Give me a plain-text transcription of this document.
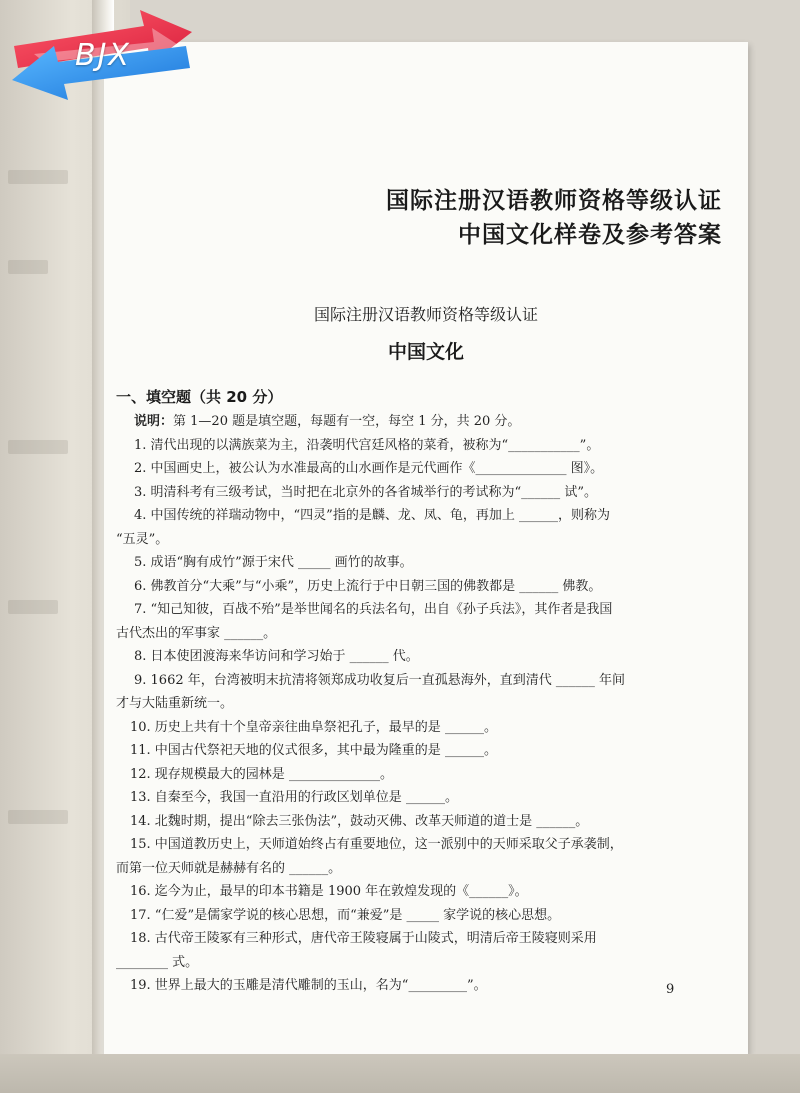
BJX
国际注册汉语教师资格等级认证
中国文化样卷及参考答案
国际注册汉语教师资格等级认证
中国文化
一、填空题（共 20 分）
说明：第 1—20 题是填空题，每题有一空，每空 1 分，共 20 分。
1. 清代出现的以满族菜为主，沿袭明代宫廷风格的菜肴，被称为“___________”。
2. 中国画史上，被公认为水准最高的山水画作是元代画作《______________ 图》。
3. 明清科考有三级考试，当时把在北京外的各省城举行的考试称为“______ 试”。
4. 中国传统的祥瑞动物中，“四灵”指的是麟、龙、凤、龟，再加上 ______，则称为
“五灵”。
5. 成语“胸有成竹”源于宋代 _____ 画竹的故事。
6. 佛教首分“大乘”与“小乘”，历史上流行于中日朝三国的佛教都是 ______ 佛教。
7. “知己知彼，百战不殆”是举世闻名的兵法名句，出自《孙子兵法》，其作者是我国
古代杰出的军事家 ______。
8. 日本使团渡海来华访问和学习始于 ______ 代。
9. 1662 年，台湾被明末抗清将领郑成功收复后一直孤悬海外，直到清代 ______ 年间
才与大陆重新统一。
10. 历史上共有十个皇帝亲往曲阜祭祀孔子，最早的是 ______。
11. 中国古代祭祀天地的仪式很多，其中最为隆重的是 ______。
12. 现存规模最大的园林是 ______________。
13. 自秦至今，我国一直沿用的行政区划单位是 ______。
14. 北魏时期，提出“除去三张伪法”，鼓动灭佛、改革天师道的道士是 ______。
15. 中国道教历史上，天师道始终占有重要地位，这一派别中的天师采取父子承袭制，
而第一位天师就是赫赫有名的 ______。
16. 迄今为止，最早的印本书籍是 1900 年在敦煌发现的《______》。
17. “仁爱”是儒家学说的核心思想，而“兼爱”是 _____ 家学说的核心思想。
18. 古代帝王陵冢有三种形式，唐代帝王陵寝属于山陵式，明清后帝王陵寝则采用
________ 式。
19. 世界上最大的玉雕是清代雕制的玉山，名为“_________”。	9
